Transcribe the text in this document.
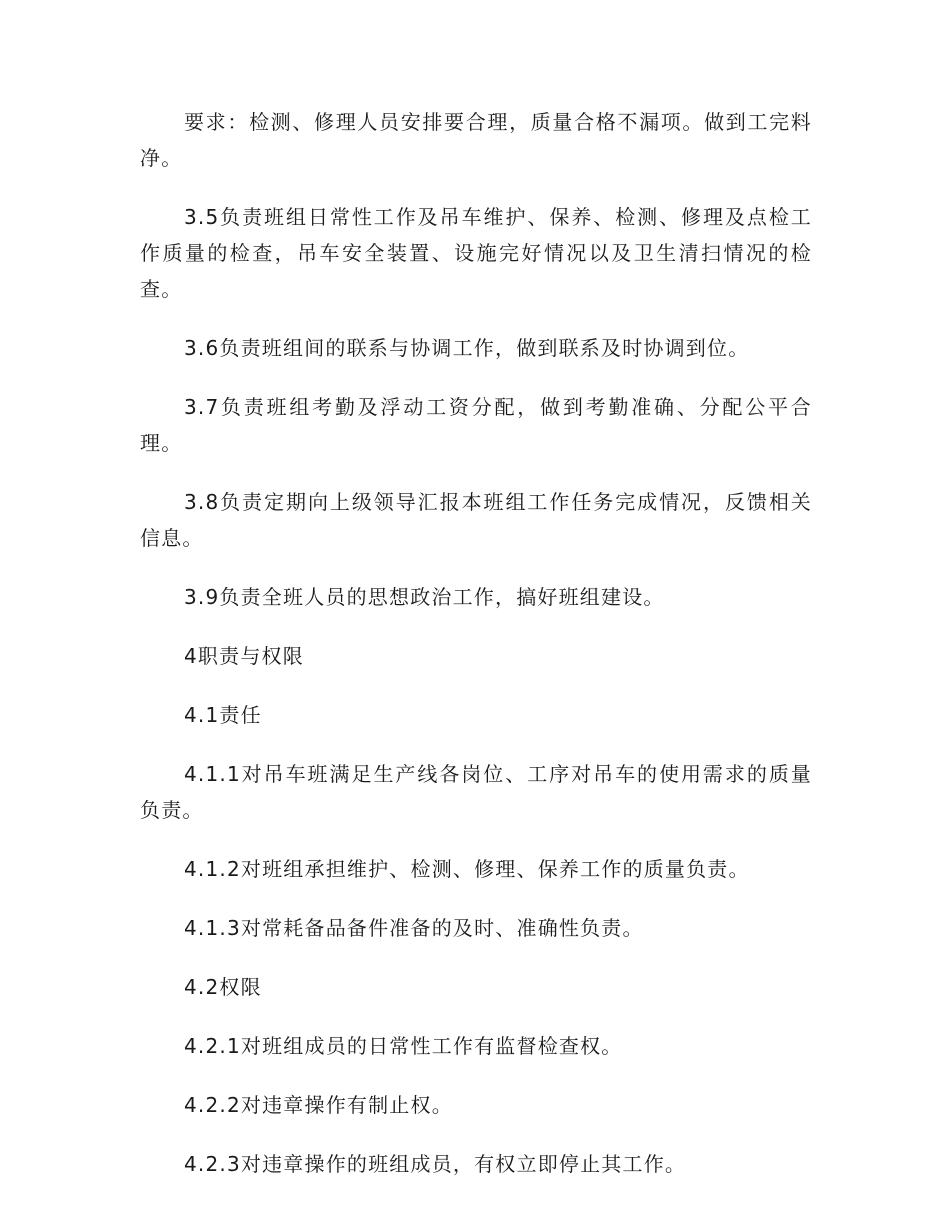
要求：检测、修理人员安排要合理，质量合格不漏项。做到工完料净。

3.5负责班组日常性工作及吊车维护、保养、检测、修理及点检工作质量的检查，吊车安全装置、设施完好情况以及卫生清扫情况的检查。

3.6负责班组间的联系与协调工作，做到联系及时协调到位。

3.7负责班组考勤及浮动工资分配，做到考勤准确、分配公平合理。

3.8负责定期向上级领导汇报本班组工作任务完成情况，反馈相关信息。

3.9负责全班人员的思想政治工作，搞好班组建设。

4职责与权限

4.1责任

4.1.1对吊车班满足生产线各岗位、工序对吊车的使用需求的质量负责。

4.1.2对班组承担维护、检测、修理、保养工作的质量负责。

4.1.3对常耗备品备件准备的及时、准确性负责。

4.2权限

4.2.1对班组成员的日常性工作有监督检查权。

4.2.2对违章操作有制止权。

4.2.3对违章操作的班组成员，有权立即停止其工作。
